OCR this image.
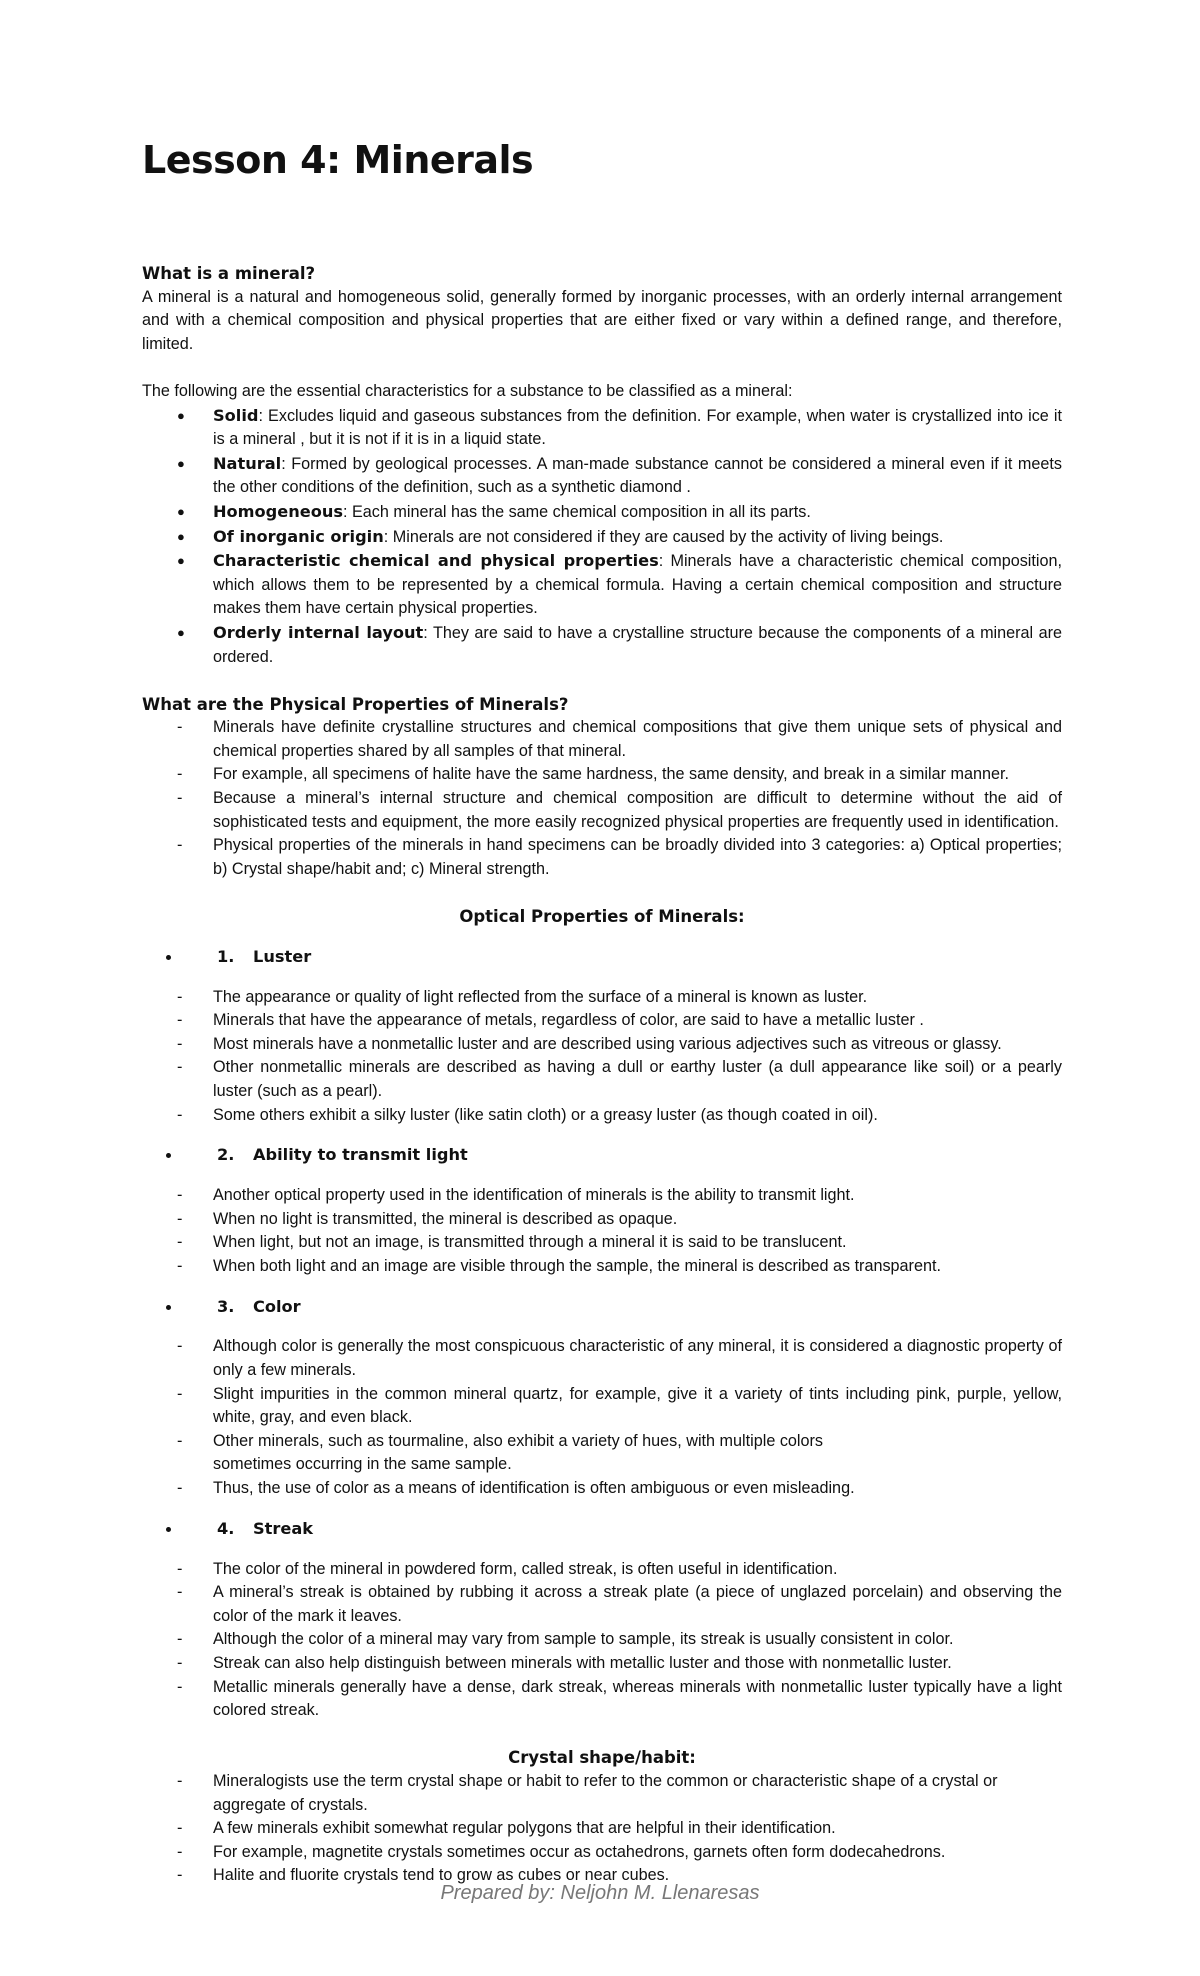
Lesson 4: Minerals
What is a mineral?

A mineral is a natural and homogeneous solid, generally formed by inorganic processes, with an orderly internal arrangement and with a chemical composition and physical properties that are either fixed or vary within a defined range, and therefore, limited.

The following are the essential characteristics for a substance to be classified as a mineral:

●	Solid: Excludes liquid and gaseous substances from the definition. For example, when water is crystallized into ice it is a mineral , but it is not if it is in a liquid state.
●	Natural: Formed by geological processes. A man-made substance cannot be considered a mineral even if it meets the other conditions of the definition, such as a synthetic diamond .
●	Homogeneous: Each mineral has the same chemical composition in all its parts.
●	Of inorganic origin: Minerals are not considered if they are caused by the activity of living beings.
●	Characteristic chemical and physical properties: Minerals have a characteristic chemical composition, which allows them to be represented by a chemical formula. Having a certain chemical composition and structure makes them have certain physical properties.
●	Orderly internal layout: They are said to have a crystalline structure because the components of a mineral are ordered.
What are the Physical Properties of Minerals?
-	Minerals have definite crystalline structures and chemical compositions that give them unique sets of physical and chemical properties shared by all samples of that mineral.
-	For example, all specimens of halite have the same hardness, the same density, and break in a similar manner.
-	Because a mineral’s internal structure and chemical composition are difficult to determine without the aid of sophisticated tests and equipment, the more easily recognized physical properties are frequently used in identification.
-	Physical properties of the minerals in hand specimens can be broadly divided into 3 categories: a) Optical properties; b) Crystal shape/habit and; c) Mineral strength.
Optical Properties of Minerals:
• 1. Luster
-	The appearance or quality of light reflected from the surface of a mineral is known as luster.
-	Minerals that have the appearance of metals, regardless of color, are said to have a metallic luster .
-	Most minerals have a nonmetallic luster and are described using various adjectives such as vitreous or glassy.
-	Other nonmetallic minerals are described as having a dull or earthy luster (a dull appearance like soil) or a pearly luster (such as a pearl).
-	Some others exhibit a silky luster (like satin cloth) or a greasy luster (as though coated in oil).
• 2. Ability to transmit light
-	Another optical property used in the identification of minerals is the ability to transmit light.
-	When no light is transmitted, the mineral is described as opaque.
-	When light, but not an image, is transmitted through a mineral it is said to be translucent.
-	When both light and an image are visible through the sample, the mineral is described as transparent.
• 3. Color
-	Although color is generally the most conspicuous characteristic of any mineral, it is considered a diagnostic property of only a few minerals.
-	Slight impurities in the common mineral quartz, for example, give it a variety of tints including pink, purple, yellow, white, gray, and even black.
-	Other minerals, such as tourmaline, also exhibit a variety of hues, with multiple colors sometimes occurring in the same sample.
-	Thus, the use of color as a means of identification is often ambiguous or even misleading.
• 4. Streak
-	The color of the mineral in powdered form, called streak, is often useful in identification.
-	A mineral’s streak is obtained by rubbing it across a streak plate (a piece of unglazed porcelain) and observing the color of the mark it leaves.
-	Although the color of a mineral may vary from sample to sample, its streak is usually consistent in color.
-	Streak can also help distinguish between minerals with metallic luster and those with nonmetallic luster.
-	Metallic minerals generally have a dense, dark streak, whereas minerals with nonmetallic luster typically have a light colored streak.
Crystal shape/habit:
-	Mineralogists use the term crystal shape or habit to refer to the common or characteristic shape of a crystal or aggregate of crystals.
-	A few minerals exhibit somewhat regular polygons that are helpful in their identification.
-	For example, magnetite crystals sometimes occur as octahedrons, garnets often form dodecahedrons.
-	Halite and fluorite crystals tend to grow as cubes or near cubes.
Prepared by: Neljohn M. Llenaresas
